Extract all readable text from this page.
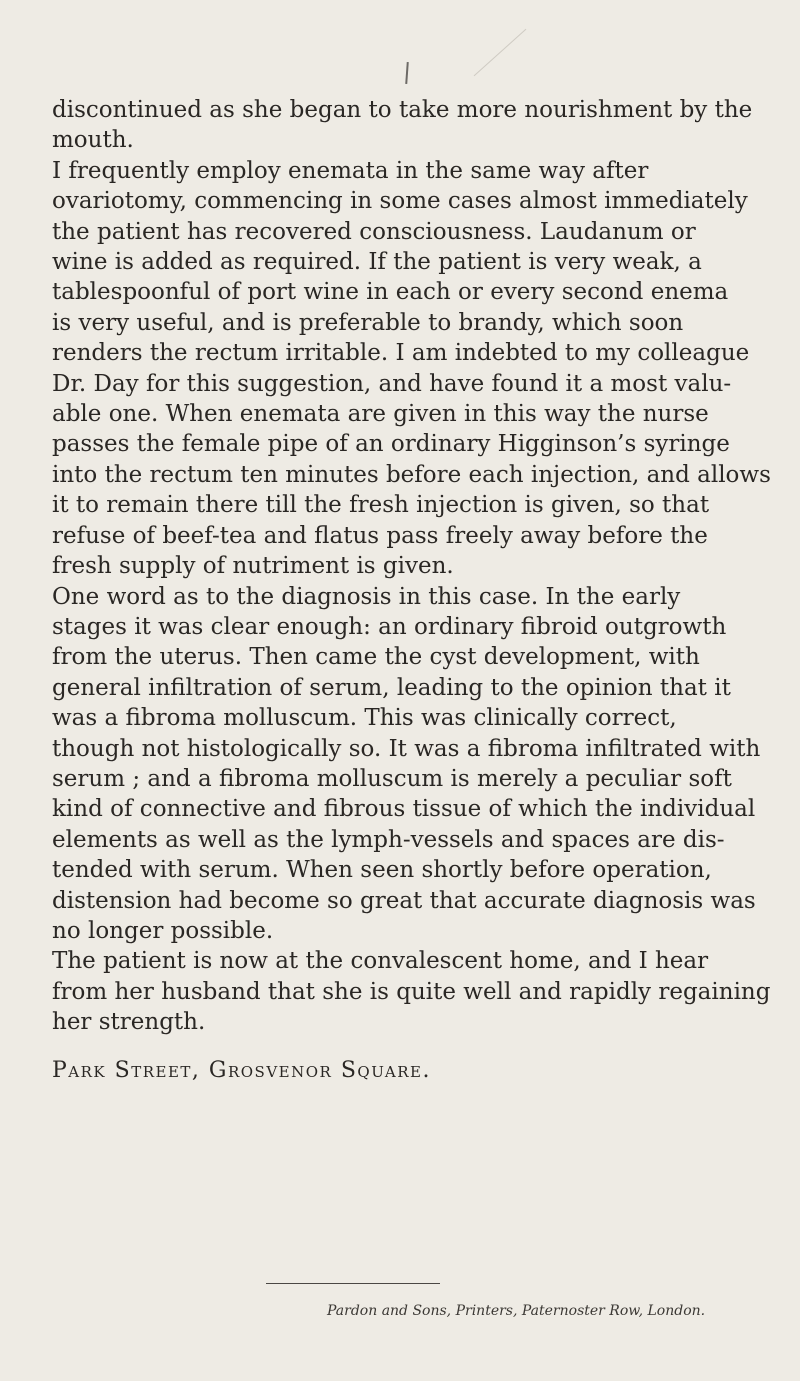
discontinued as she began to take more nourishment by the
mouth.
I frequently employ enemata in the same way after
ovariotomy, commencing in some cases almost immediately
the patient has recovered consciousness. Laudanum or
wine is added as required. If the patient is very weak, a
tablespoonful of port wine in each or every second enema
is very useful, and is preferable to brandy, which soon
renders the rectum irritable. I am indebted to my colleague
Dr. Day for this suggestion, and have found it a most valu-
able one. When enemata are given in this way the nurse
passes the female pipe of an ordinary Higginson’s syringe
into the rectum ten minutes before each injection, and allows
it to remain there till the fresh injection is given, so that
refuse of beef-tea and flatus pass freely away before the
fresh supply of nutriment is given.
One word as to the diagnosis in this case. In the early
stages it was clear enough: an ordinary fibroid outgrowth
from the uterus. Then came the cyst development, with
general infiltration of serum, leading to the opinion that it
was a fibroma molluscum. This was clinically correct,
though not histologically so. It was a fibroma infiltrated with
serum ; and a fibroma molluscum is merely a peculiar soft
kind of connective and fibrous tissue of which the individual
elements as well as the lymph-vessels and spaces are dis-
tended with serum. When seen shortly before operation,
distension had become so great that accurate diagnosis was
no longer possible.
The patient is now at the convalescent home, and I hear
from her husband that she is quite well and rapidly regaining
her strength.
Park Street, Grosvenor Square.
Pardon and Sons, Printers, Paternoster Row, London.
